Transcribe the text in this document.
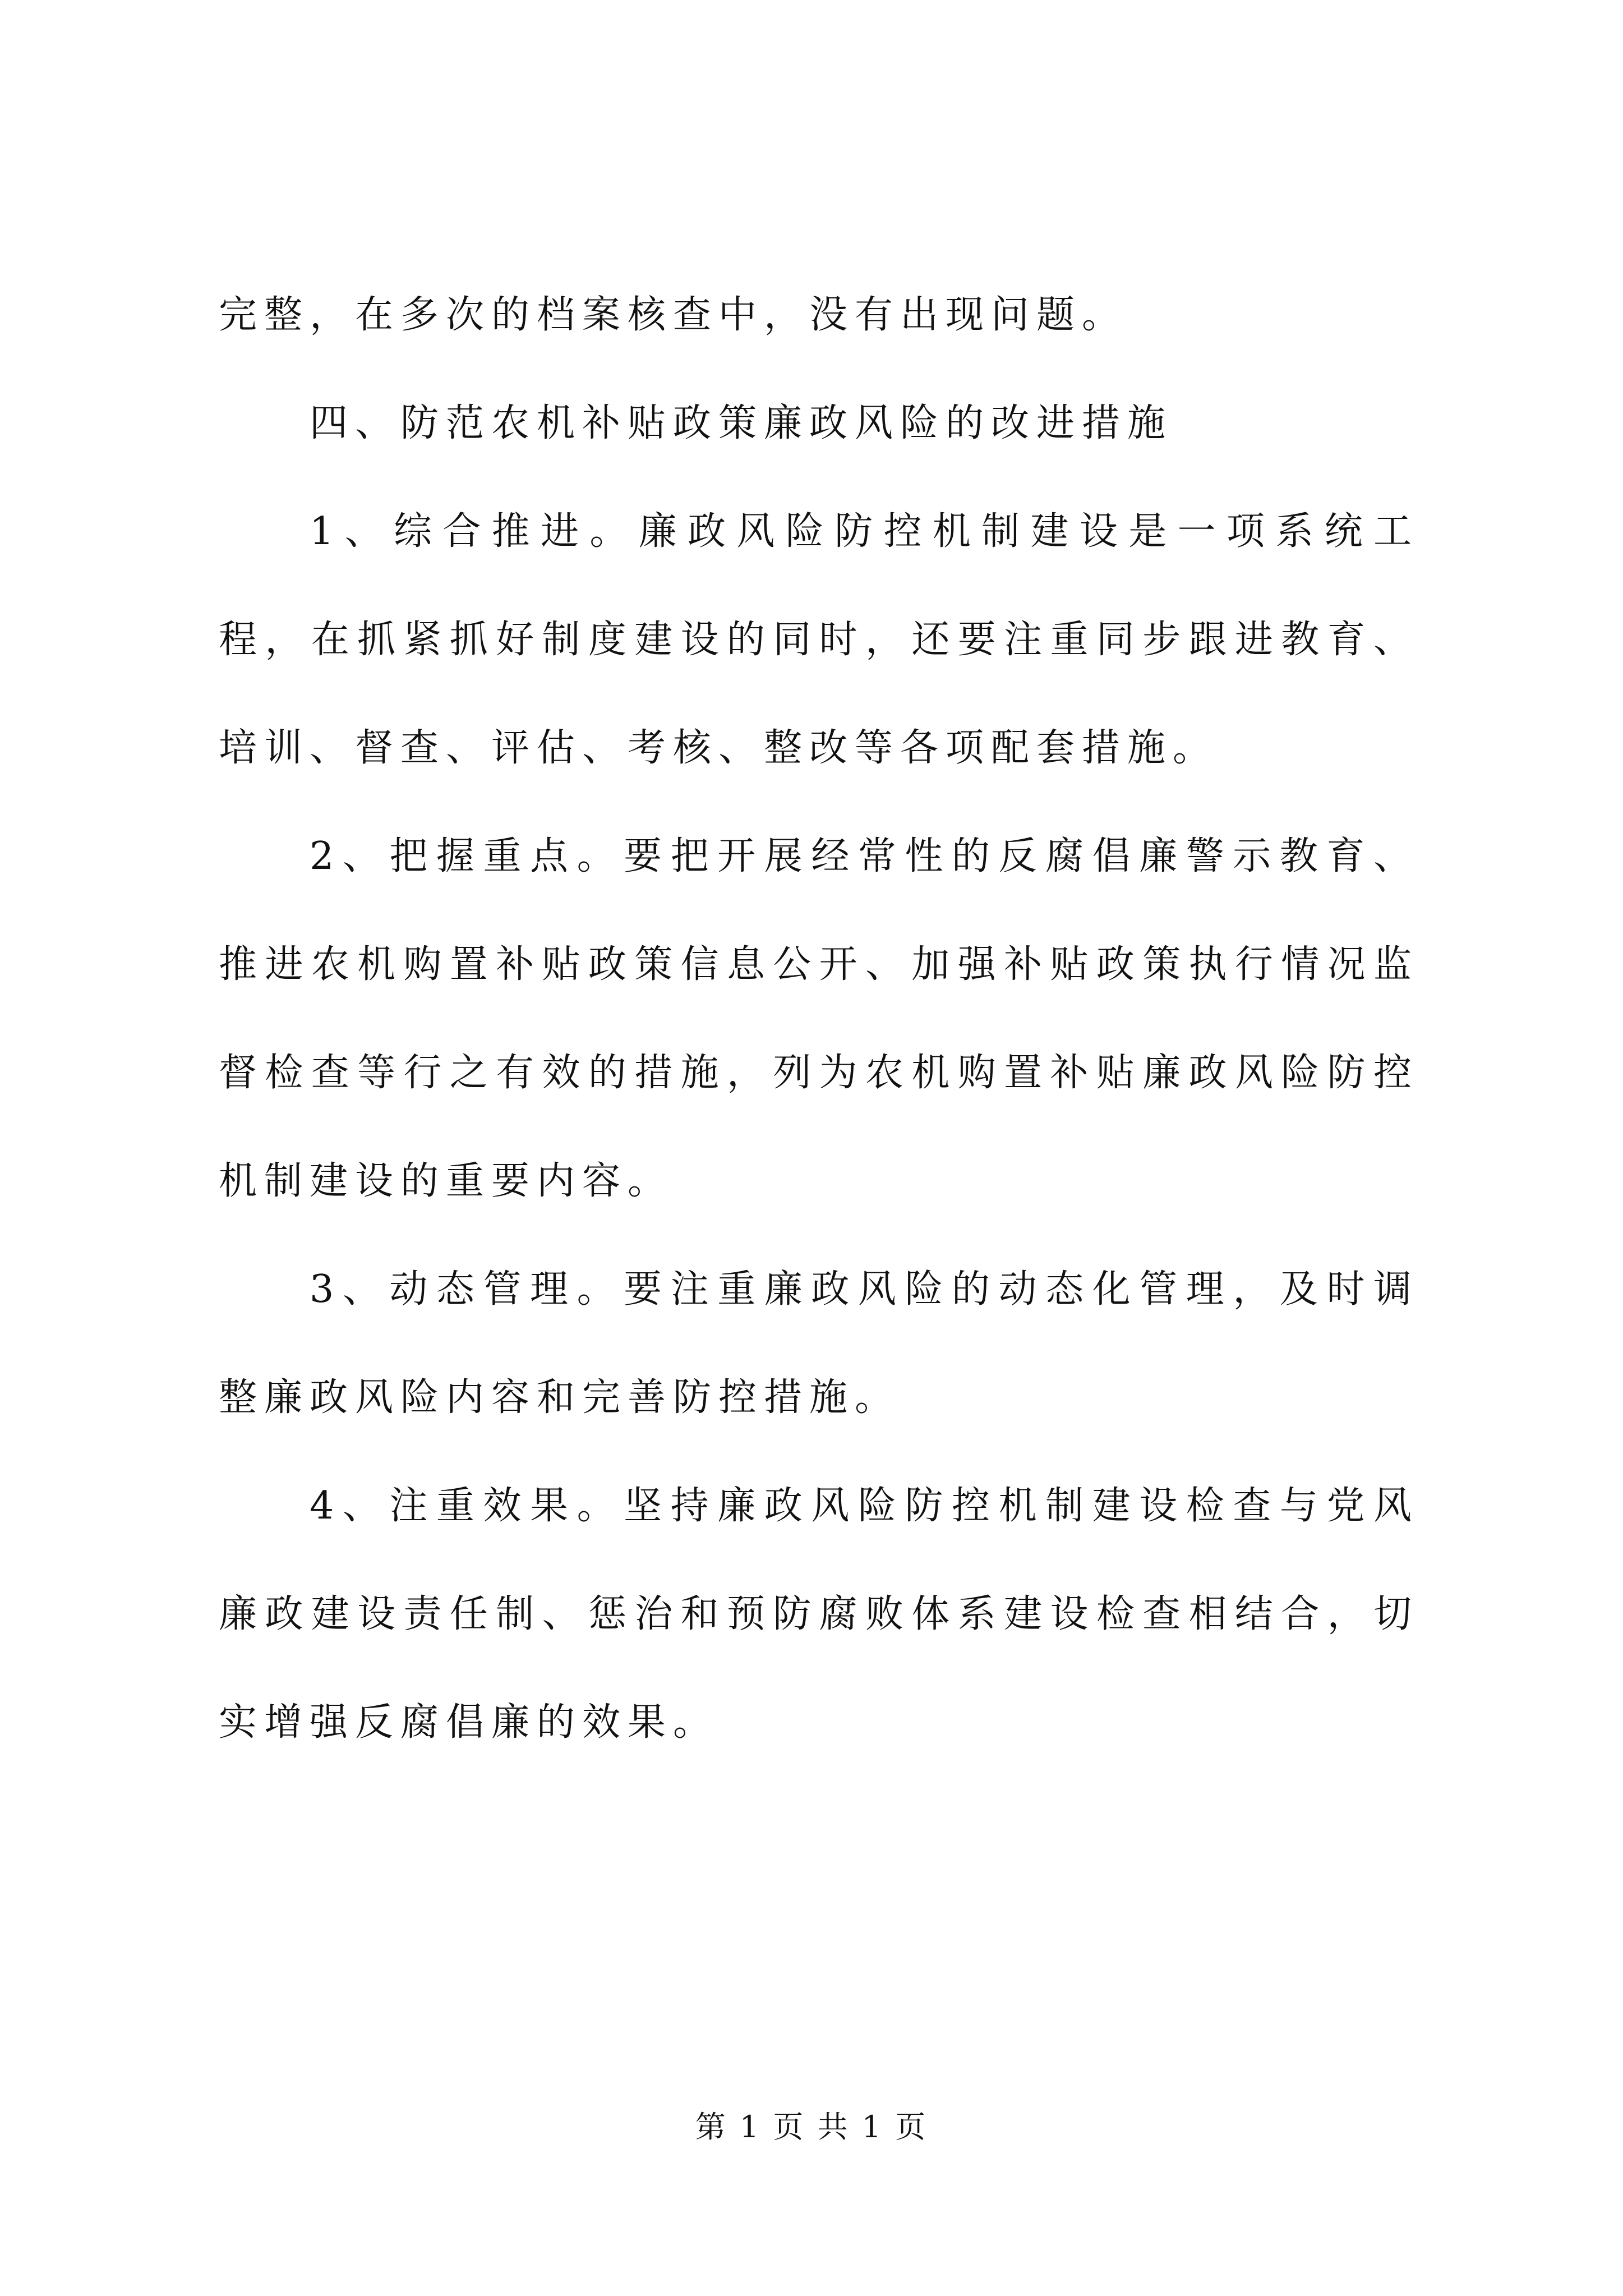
完整，在多次的档案核查中，没有出现问题。

四、防范农机补贴政策廉政风险的改进措施

1、综合推进。廉政风险防控机制建设是一项系统工程，在抓紧抓好制度建设的同时，还要注重同步跟进教育、培训、督查、评估、考核、整改等各项配套措施。

2、把握重点。要把开展经常性的反腐倡廉警示教育、推进农机购置补贴政策信息公开、加强补贴政策执行情况监督检查等行之有效的措施，列为农机购置补贴廉政风险防控机制建设的重要内容。

3、动态管理。要注重廉政风险的动态化管理，及时调整廉政风险内容和完善防控措施。

4、注重效果。坚持廉政风险防控机制建设检查与党风廉政建设责任制、惩治和预防腐败体系建设检查相结合，切实增强反腐倡廉的效果。

第 1 页 共 1 页
